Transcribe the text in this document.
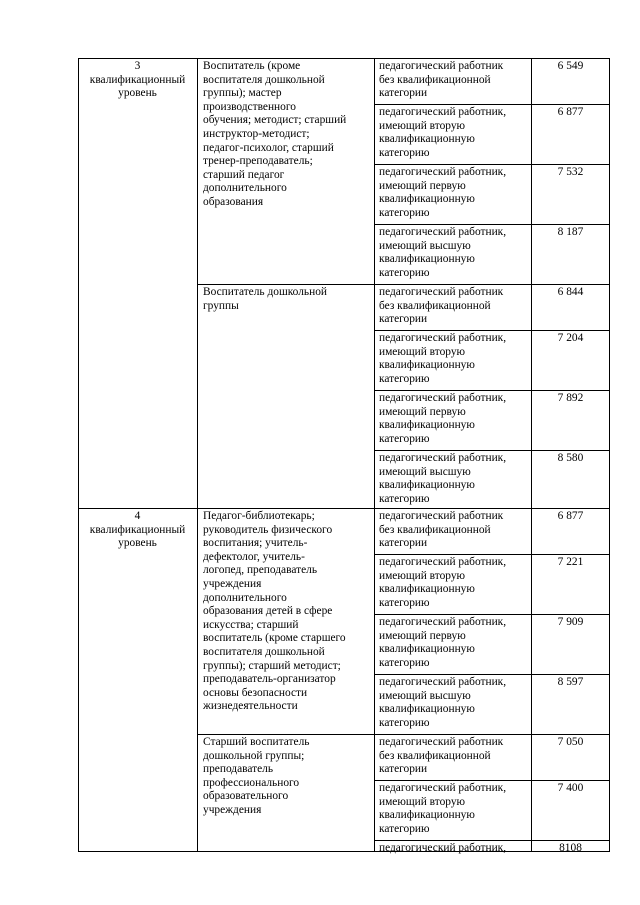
3
квалификационный
уровень
Воспитатель (кроме
воспитателя дошкольной
группы); мастер
производственного
обучения; методист; старший
инструктор-методист;
педагог-психолог, старший
тренер-преподаватель;
старший педагог
дополнительного
образования
педагогический работник
без квалификационной
категории
6 549
педагогический работник,
имеющий вторую
квалификационную
категорию
6 877
педагогический работник,
имеющий первую
квалификационную
категорию
7 532
педагогический работник,
имеющий высшую
квалификационную
категорию
8 187
Воспитатель дошкольной
группы
педагогический работник
без квалификационной
категории
6 844
педагогический работник,
имеющий вторую
квалификационную
категорию
7 204
педагогический работник,
имеющий первую
квалификационную
категорию
7 892
педагогический работник,
имеющий высшую
квалификационную
категорию
8 580
4
квалификационный
уровень
Педагог-библиотекарь;
руководитель физического
воспитания; учитель-
дефектолог, учитель-
логопед, преподаватель
учреждения
дополнительного
образования детей в сфере
искусства; старший
воспитатель (кроме старшего
воспитателя дошкольной
группы); старший методист;
преподаватель-организатор
основы безопасности
жизнедеятельности
педагогический работник
без квалификационной
категории
6 877
педагогический работник,
имеющий вторую
квалификационную
категорию
7 221
педагогический работник,
имеющий первую
квалификационную
категорию
7 909
педагогический работник,
имеющий высшую
квалификационную
категорию
8 597
Старший воспитатель
дошкольной группы;
преподаватель
профессионального
образовательного
учреждения
педагогический работник
без квалификационной
категории
7 050
педагогический работник,
имеющий вторую
квалификационную
категорию
7 400
педагогический работник,	8108
